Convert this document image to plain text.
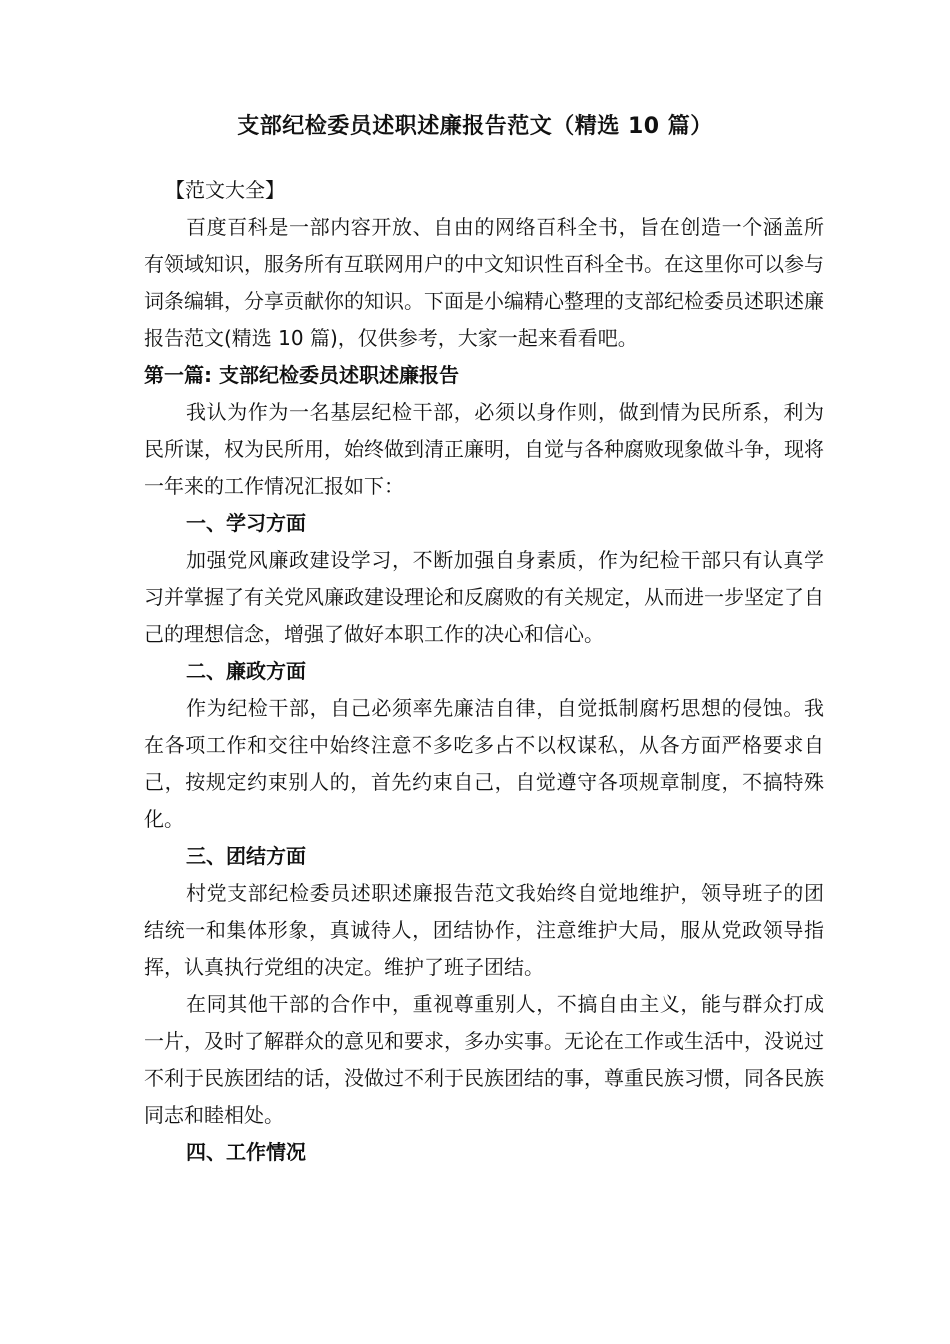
支部纪检委员述职述廉报告范文（精选 10 篇）

【范文大全】

百度百科是一部内容开放、自由的网络百科全书，旨在创造一个涵盖所有领域知识，服务所有互联网用户的中文知识性百科全书。在这里你可以参与词条编辑，分享贡献你的知识。下面是小编精心整理的支部纪检委员述职述廉报告范文(精选 10 篇)，仅供参考，大家一起来看看吧。

第一篇: 支部纪检委员述职述廉报告

我认为作为一名基层纪检干部，必须以身作则，做到情为民所系，利为民所谋，权为民所用，始终做到清正廉明，自觉与各种腐败现象做斗争，现将一年来的工作情况汇报如下：

一、学习方面

加强党风廉政建设学习，不断加强自身素质，作为纪检干部只有认真学习并掌握了有关党风廉政建设理论和反腐败的有关规定，从而进一步坚定了自己的理想信念，增强了做好本职工作的决心和信心。

二、廉政方面

作为纪检干部，自己必须率先廉洁自律，自觉抵制腐朽思想的侵蚀。我在各项工作和交往中始终注意不多吃多占不以权谋私，从各方面严格要求自己，按规定约束别人的，首先约束自己，自觉遵守各项规章制度，不搞特殊化。

三、团结方面

村党支部纪检委员述职述廉报告范文我始终自觉地维护，领导班子的团结统一和集体形象，真诚待人，团结协作，注意维护大局，服从党政领导指挥，认真执行党组的决定。维护了班子团结。

在同其他干部的合作中，重视尊重别人，不搞自由主义，能与群众打成一片，及时了解群众的意见和要求，多办实事。无论在工作或生活中，没说过不利于民族团结的话，没做过不利于民族团结的事，尊重民族习惯，同各民族同志和睦相处。

四、工作情况
